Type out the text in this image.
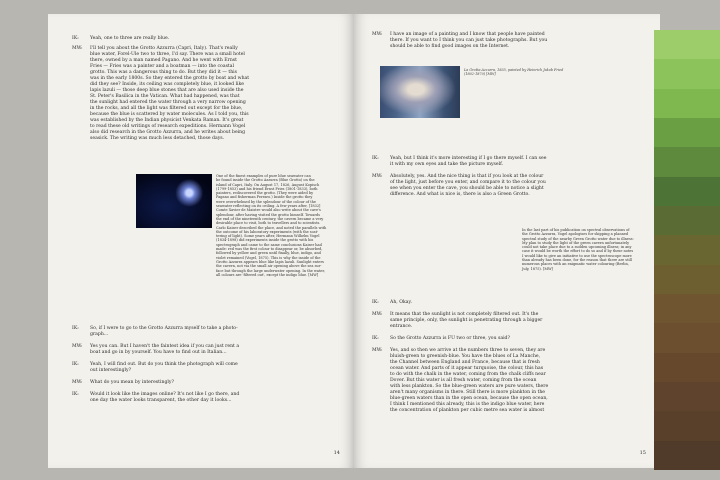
One of the finest examples of pure blue seawater can
be found inside the Grotto Azzurra (Blue Grotto) on the
island of Capri, Italy. On August 17, 1826, August Kopisch
(1799-1853) and his friend Ernst Fries (1801-1833), both
painters, rediscovered the grotto. (They were aided by
Pagano and fisherman Ferraro.) Inside the grotto they
were overwhelmed by the splendour of the colour of the
seawater reflecting on its ceiling. A few years after, [1832]
Comte Xavier de Maistre would also write about the cave's
splendour, after having visited the grotto himself. Towards
the end of the nineteenth century, the cavern became a very
desirable place to visit, both to travellers and to scientists.
Carlo Kaiser described the place, and noted the parallels with
the outcome of his laboratory experiments (with the scat-
tering of light). Some years after, Hermann Wilhelm Vogel
(1834-1898) did experiments inside the grotto with his
spectrograph and came to the same conclusions Kaiser had
made: red was the first colour to disappear or, be absorbed,
followed by yellow and green until finally, blue, indigo, and
violet remained (Vogel, 1875). This is why the inside of the
Grotto Azzurra appears blue like lapis lazuli. Sunlight enters
the cavern, not via the small air opening above the sea sur-
face but through the large underwater opening. In the water,
all colours are 'filtered out', except the indigo blue. [MW]
14
IK:	Yeah, one to three are really blue.
MW:	I'll tell you about the Grotto Azzurra (Capri, Italy). That's really
blue water, Forel-Ule two to three, I'd say. There was a small hotel
there, owned by a man named Pagano. And he went with Ernst
Fries — Fries was a painter and a boatman — into the coastal
grotto. This was a dangerous thing to do. But they did it — this
was in the early 1800s. So they entered the grotto by boat and what
did they see? Inside, its ceiling was completely blue, it looked like
lapis lazuli — those deep blue stones that are also used inside the
St. Peter's Basilica in the Vatican. What had happened, was that
the sunlight had entered the water through a very narrow opening
in the rocks, and all the light was filtered out except for the blue,
because the blue is scattered by water molecules. As I told you, this
was established by the Indian physicist Venkata Raman. It's great
to read these old writings of research expeditions. Hermann Vogel
also did research in the Grotto Azzurra, and he writes about being
seasick. The writing was much less detached, those days.
IK:	So, if I were to go to the Grotto Azzurra myself to take a photo-
graph...
MW:	Yes you can. But I haven't the faintest idea if you can just rent a
boat and go in by yourself. You have to find out in Italian...
IK:	Yeah, I will find out. But do you think the photograph will come
out interestingly?
MW:	What do you mean by interestingly?
IK:	Would it look like the images online? It's not like I go there, and
one day the water looks transparent, the other day it looks...
La Grotta Azzurra, 1835, painted by Heinrich Jakob Fried
(1802-1870) [MW]
In the last part of his publication on spectral observations of
the Grotto Azzurra, Vogel apologises for skipping a planned
spectral study of the nearby Green Grotto water due to illness:
My plan to study the light of the green cavern unfortunately
could not take place due to a sudden upcoming illness; in any
case it would be worth the effort to do so and if by these notes
I would like to give an initiative to use the spectroscope more
than already has been done, for the reason that there are still
numerous places with an enigmatic water colouring (Berlin,
July, 1875). [MW]
15
MW:	I have an image of a painting and I know that people have painted
there. If you want to I think you can just take photographs. But you
should be able to find good images on the Internet.
IK:	Yeah, but I think it's more interesting if I go there myself. I can see
it with my own eyes and take the picture myself.
MW:	Absolutely, yes. And the nice thing is that if you look at the colour
of the light, just before you enter, and compare it to the colour you
see when you enter the cave, you should be able to notice a slight
difference. And what is nice is, there is also a Green Grotto.
IK:	Ah, Okay.
MW:	It means that the sunlight is not completely filtered out. It's the
same principle, only, the sunlight is penetrating through a bigger
entrance.
IK:	So the Grotto Azzurra is FU two or three, you said?
MW:	Yes, and so then we arrive at the numbers three to seven, they are
bluish-green to greenish-blue. You have the blues of La Manche,
the Channel between England and France, because that is fresh
ocean water. And parts of it appear turquoise, the colour, this has
to do with the chalk in the water, coming from the chalk cliffs near
Dover. But this water is all fresh water, coming from the ocean
with less plankton. So the blue-green waters are pure waters, there
aren't many organisms in there. Still there is more plankton in the
blue-green waters than in the open ocean, because the open ocean,
I think I mentioned this already, this is the indigo blue water, here
the concentration of plankton per cubic metre sea water is almost
